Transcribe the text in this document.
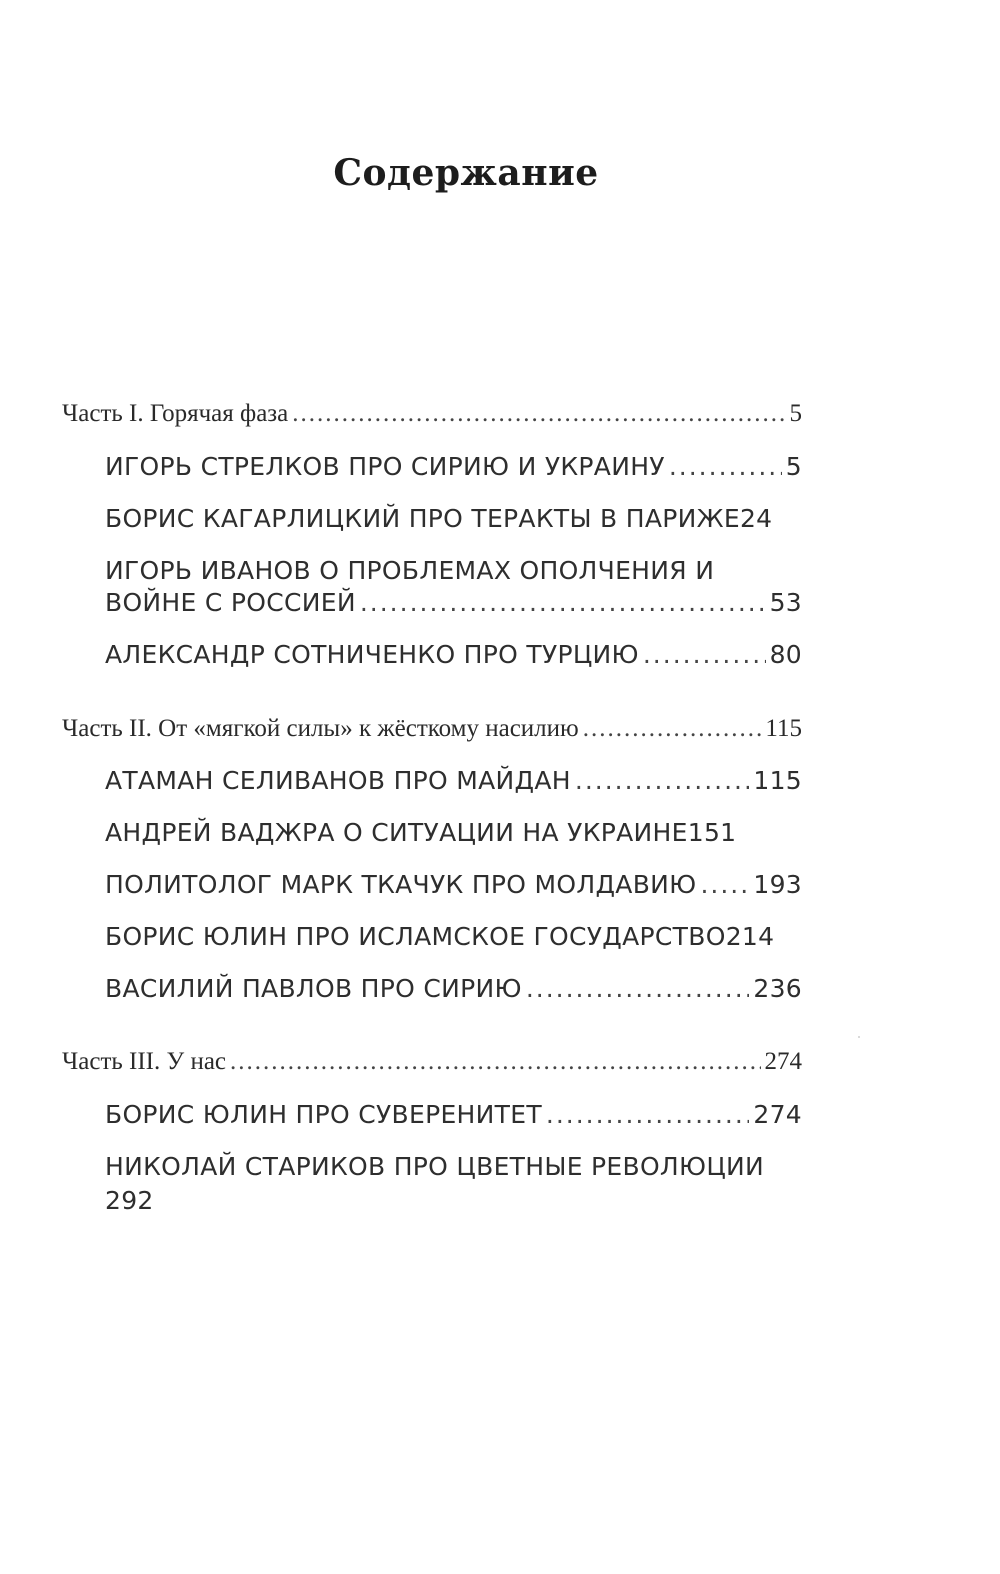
Содержание
Часть I. Горячая фаза .....	5
ИГОРЬ СТРЕЛКОВ ПРО СИРИЮ И УКРАИНУ .....	5
БОРИС КАГАРЛИЦКИЙ ПРО ТЕРАКТЫ В ПАРИЖЕ 24
ИГОРЬ ИВАНОВ О ПРОБЛЕМАХ ОПОЛЧЕНИЯ И
ВОЙНЕ С РОССИЕЙ .....	53
АЛЕКСАНДР СОТНИЧЕНКО ПРО ТУРЦИЮ .....	80
Часть II. От «мягкой силы» к жёсткому насилию .....	115
АТАМАН СЕЛИВАНОВ ПРО МАЙДАН .....	115
АНДРЕЙ ВАДЖРА О СИТУАЦИИ НА УКРАИНЕ 151
ПОЛИТОЛОГ МАРК ТКАЧУК ПРО МОЛДАВИЮ ..... 193
БОРИС ЮЛИН ПРО ИСЛАМСКОЕ ГОСУДАРСТВО 214
ВАСИЛИЙ ПАВЛОВ ПРО СИРИЮ .....	236
Часть III. У нас .....	274
БОРИС ЮЛИН ПРО СУВЕРЕНИТЕТ .....	274
НИКОЛАЙ СТАРИКОВ ПРО ЦВЕТНЫЕ РЕВОЛЮЦИИ
292
